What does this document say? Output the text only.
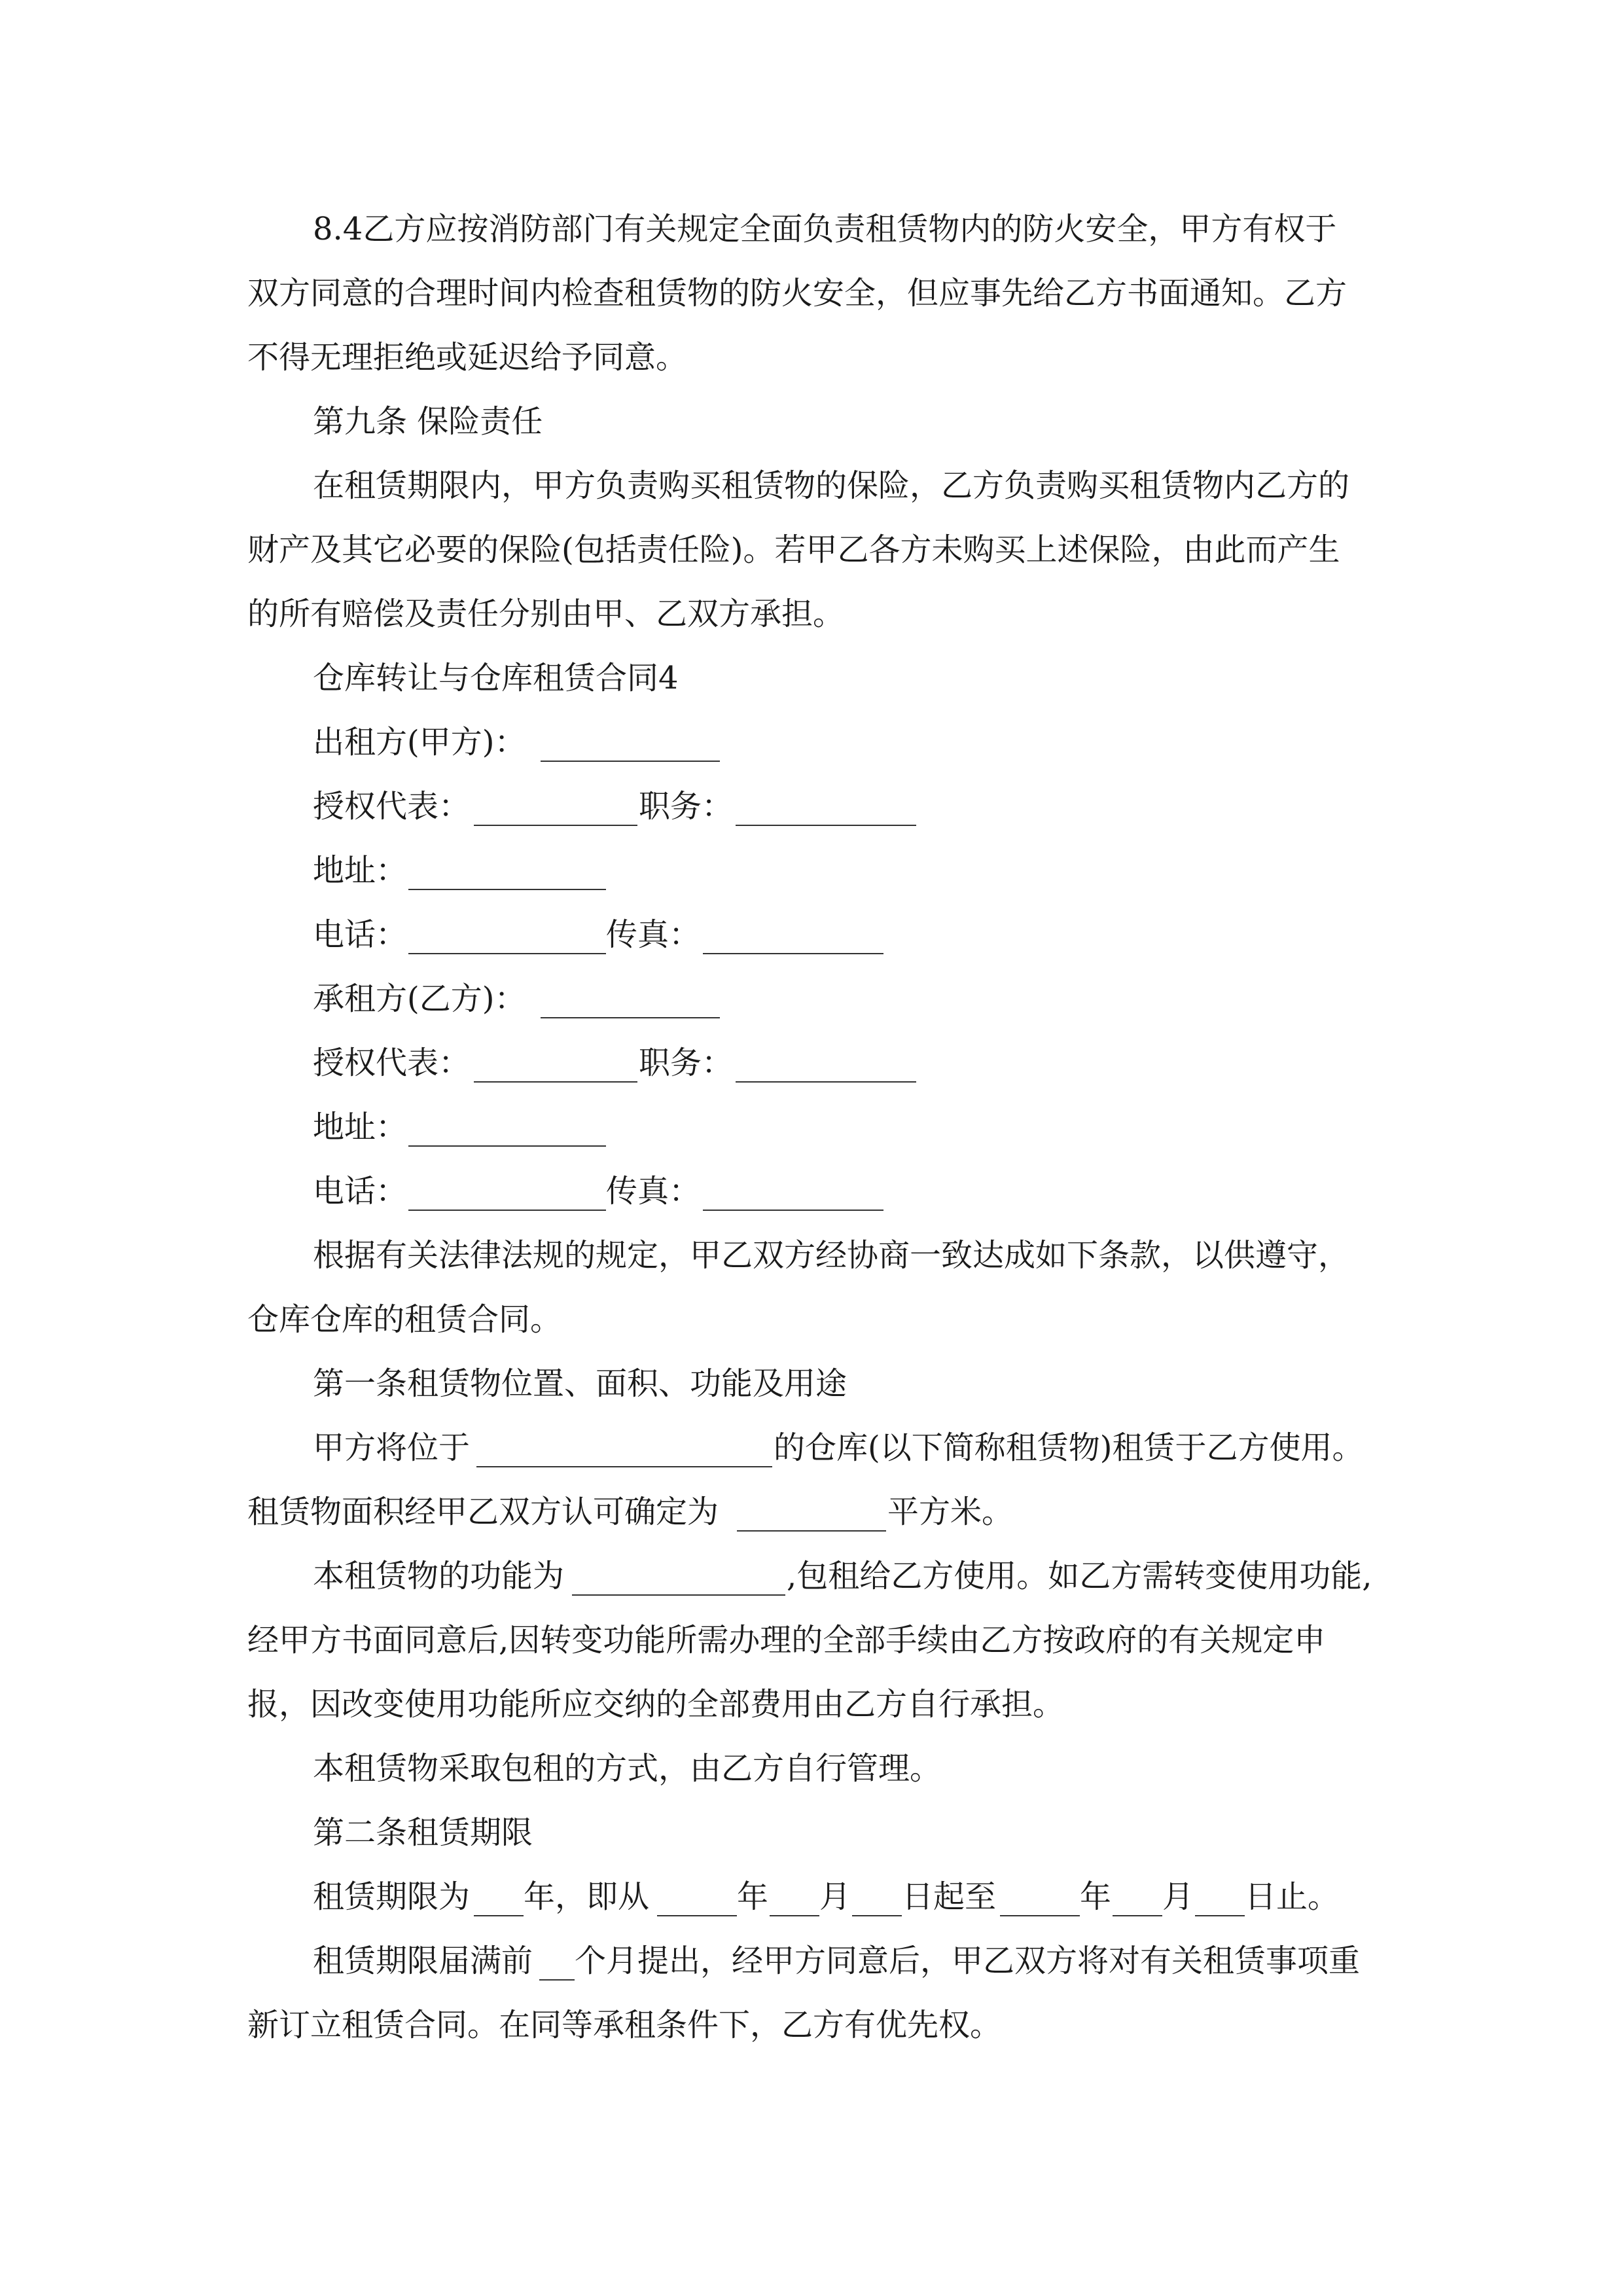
8.4乙方应按消防部门有关规定全面负责租赁物内的防火安全，甲方有权于
双方同意的合理时间内检查租赁物的防火安全，但应事先给乙方书面通知。乙方
不得无理拒绝或延迟给予同意。
第九条 保险责任
在租赁期限内，甲方负责购买租赁物的保险，乙方负责购买租赁物内乙方的
财产及其它必要的保险(包括责任险)。若甲乙各方未购买上述保险，由此而产生
的所有赔偿及责任分别由甲、乙双方承担。
仓库转让与仓库租赁合同4
出租方(甲方)：
授权代表：	职务：
地址：
电话：	传真：
承租方(乙方)：
授权代表：	职务：
地址：
电话：	传真：
根据有关法律法规的规定，甲乙双方经协商一致达成如下条款，以供遵守，
仓库仓库的租赁合同。
第一条租赁物位置、面积、功能及用途
甲方将位于	的仓库(以下简称租赁物)租赁于乙方使用。
租赁物面积经甲乙双方认可确定为	平方米。
本租赁物的功能为	,包租给乙方使用。如乙方需转变使用功能,
经甲方书面同意后,因转变功能所需办理的全部手续由乙方按政府的有关规定申
报，因改变使用功能所应交纳的全部费用由乙方自行承担。
本租赁物采取包租的方式，由乙方自行管理。
第二条租赁期限
租赁期限为 年，即从	年 月 日起至	年 月 日止。
租赁期限届满前 个月提出，经甲方同意后，甲乙双方将对有关租赁事项重
新订立租赁合同。在同等承租条件下，乙方有优先权。
